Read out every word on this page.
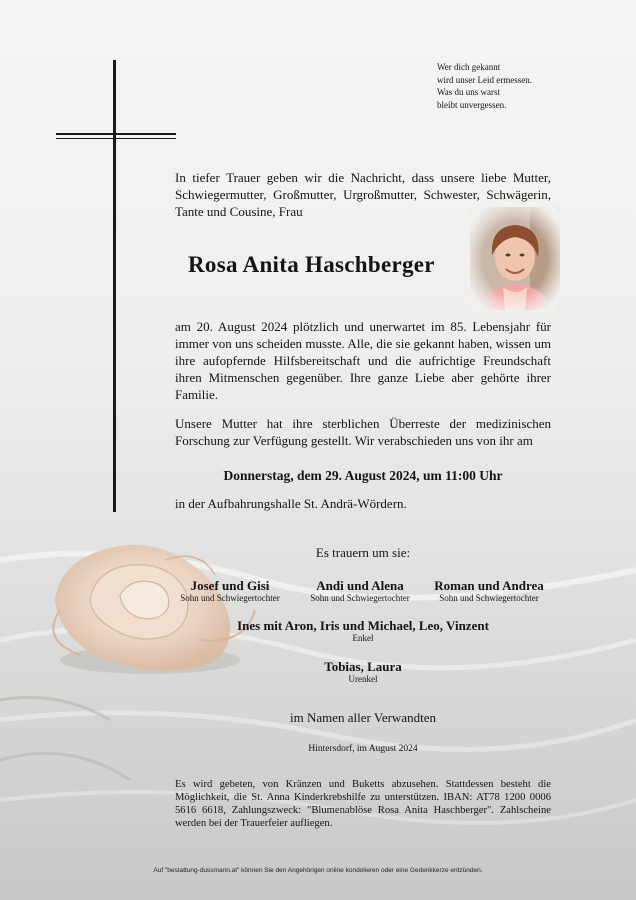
Wer dich gekannt
wird unser Leid ermessen.
Was du uns warst
bleibt unvergessen.
In tiefer Trauer geben wir die Nachricht, dass unsere liebe Mutter, Schwiegermutter, Großmutter, Urgroßmutter, Schwester, Schwägerin, Tante und Cousine, Frau
Rosa Anita Haschberger
am 20. August 2024 plötzlich und unerwartet im 85. Lebensjahr für immer von uns scheiden musste. Alle, die sie gekannt haben, wissen um ihre aufopfernde Hilfsbereitschaft und die aufrichtige Freundschaft ihren Mitmenschen gegenüber. Ihre ganze Liebe aber gehörte ihrer Familie.
Unsere Mutter hat ihre sterblichen Überreste der medizinischen Forschung zur Verfügung gestellt. Wir verabschieden uns von ihr am
Donnerstag, dem 29. August 2024, um 11:00 Uhr
in der Aufbahrungshalle St. Andrä-Wördern.
Es trauern um sie:
Josef und Gisi
Sohn und Schwiegertochter
Andi und Alena
Sohn und Schwiegertochter
Roman und Andrea
Sohn und Schwiegertochter
Ines mit Aron, Iris und Michael, Leo, Vinzent
Enkel
Tobias, Laura
Urenkel
im Namen aller Verwandten
Hintersdorf, im August 2024
Es wird gebeten, von Kränzen und Buketts abzusehen. Stattdessen besteht die Möglichkeit, die St. Anna Kinderkrebshilfe zu unterstützen. IBAN: AT78 1200 0006 5616 6618, Zahlungszweck: "Blumenablöse Rosa Anita Haschberger". Zahlscheine werden bei der Trauerfeier aufliegen.
Auf "bestattung-dussmann.at" können Sie den Angehörigen online kondolieren oder eine Gedenkkerze entzünden.
